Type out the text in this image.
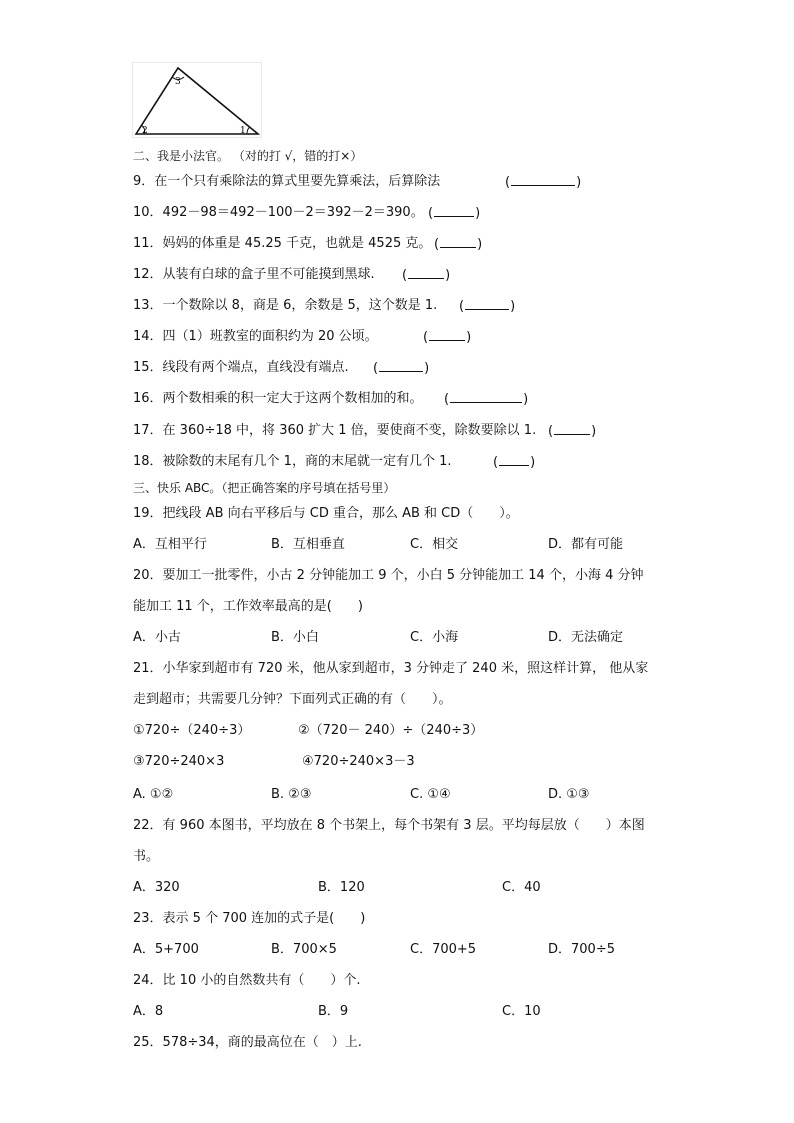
3
2	1
二、我是小法官。 （对的打 √，错的打×）
9．在一个只有乘除法的算式里要先算乘法，后算除法	(	)
10．492－98＝492－100－2＝392－2＝390。 (	)
11．妈妈的体重是 45.25 千克，也就是 4525 克。 (	)
12．从装有白球的盒子里不可能摸到黑球. (	)
13．一个数除以 8，商是 6，余数是 5，这个数是 1. (	)
14．四（1）班教室的面积约为 20 公顷。	(	)
15．线段有两个端点，直线没有端点. (	)
16．两个数相乘的积一定大于这两个数相加的和。 (	)
17．在 360÷18 中，将 360 扩大 1 倍，要使商不变，除数要除以 1. (	)
18．被除数的末尾有几个 1，商的末尾就一定有几个 1.	( )
三、快乐 ABC。（把正确答案的序号填在括号里）
19．把线段 AB 向右平移后与 CD 重合，那么 AB 和 CD（　　）。
A．互相平行	B．互相垂直	C．相交	D．都有可能
20．要加工一批零件，小古 2 分钟能加工 9 个，小白 5 分钟能加工 14 个，小海 4 分钟
能加工 11 个，工作效率最高的是(　　)
A．小古	B．小白	C．小海	D．无法确定
21．小华家到超市有 720 米，他从家到超市，3 分钟走了 240 米，照这样计算， 他从家
走到超市；共需要几分钟？下面列式正确的有（　　）。
①720÷（240÷3）	②（720－ 240）÷（240÷3）
③720÷240×3	④720÷240×3－3
A. ①②	B. ②③	C. ①④	D. ①③
22．有 960 本图书，平均放在 8 个书架上，每个书架有 3 层。平均每层放（　　）本图
书。
A．320	B．120	C．40
23．表示 5 个 700 连加的式子是(　　)
A．5+700	B．700×5	C．700+5	D．700÷5
24．比 10 小的自然数共有（　　）个.
A．8	B．9	C．10
25．578÷34，商的最高位在（　）上.
